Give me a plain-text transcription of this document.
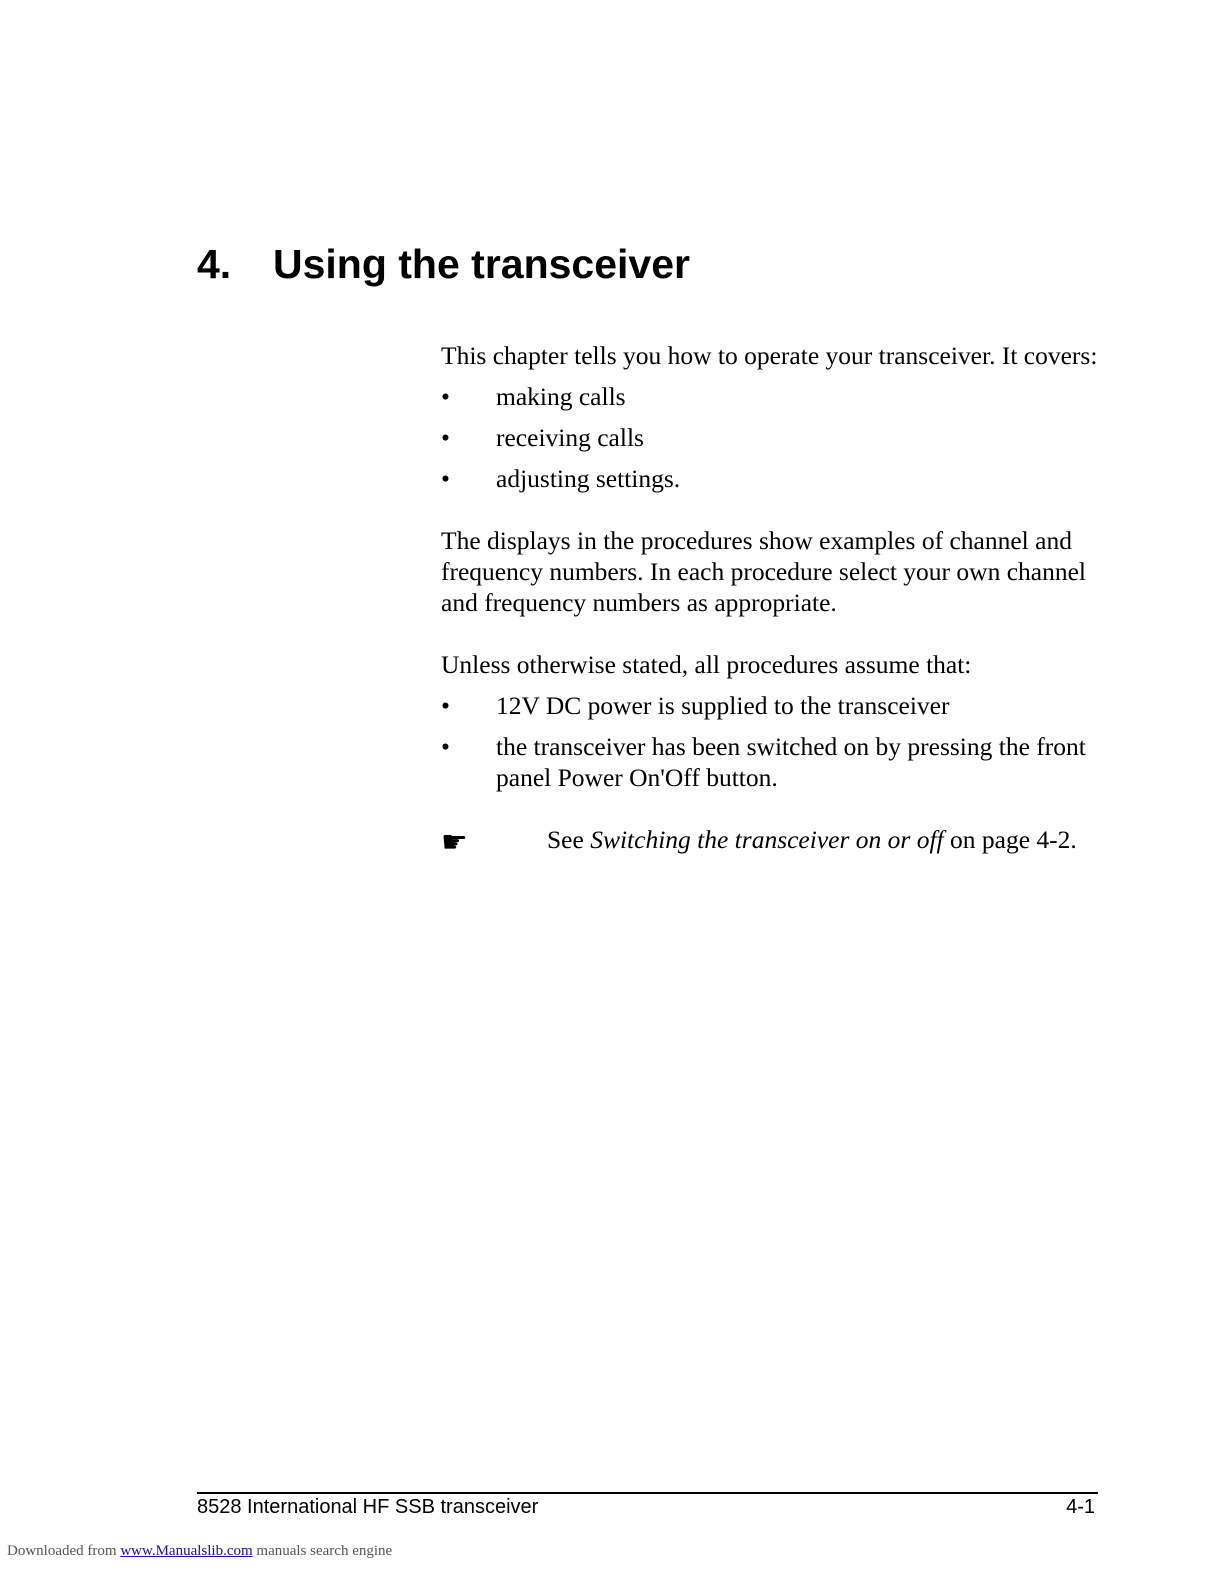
4. Using the transceiver

This chapter tells you how to operate your transceiver. It covers:

• making calls
• receiving calls
• adjusting settings.

The displays in the procedures show examples of channel and frequency numbers. In each procedure select your own channel and frequency numbers as appropriate.

Unless otherwise stated, all procedures assume that:

• 12V DC power is supplied to the transceiver
• the transceiver has been switched on by pressing the front panel Power On'Off button.
☛	See Switching the transceiver on or off on page 4-2.
8528 International HF SSB transceiver	4-1
Downloaded from www.Manualslib.com manuals search engine
